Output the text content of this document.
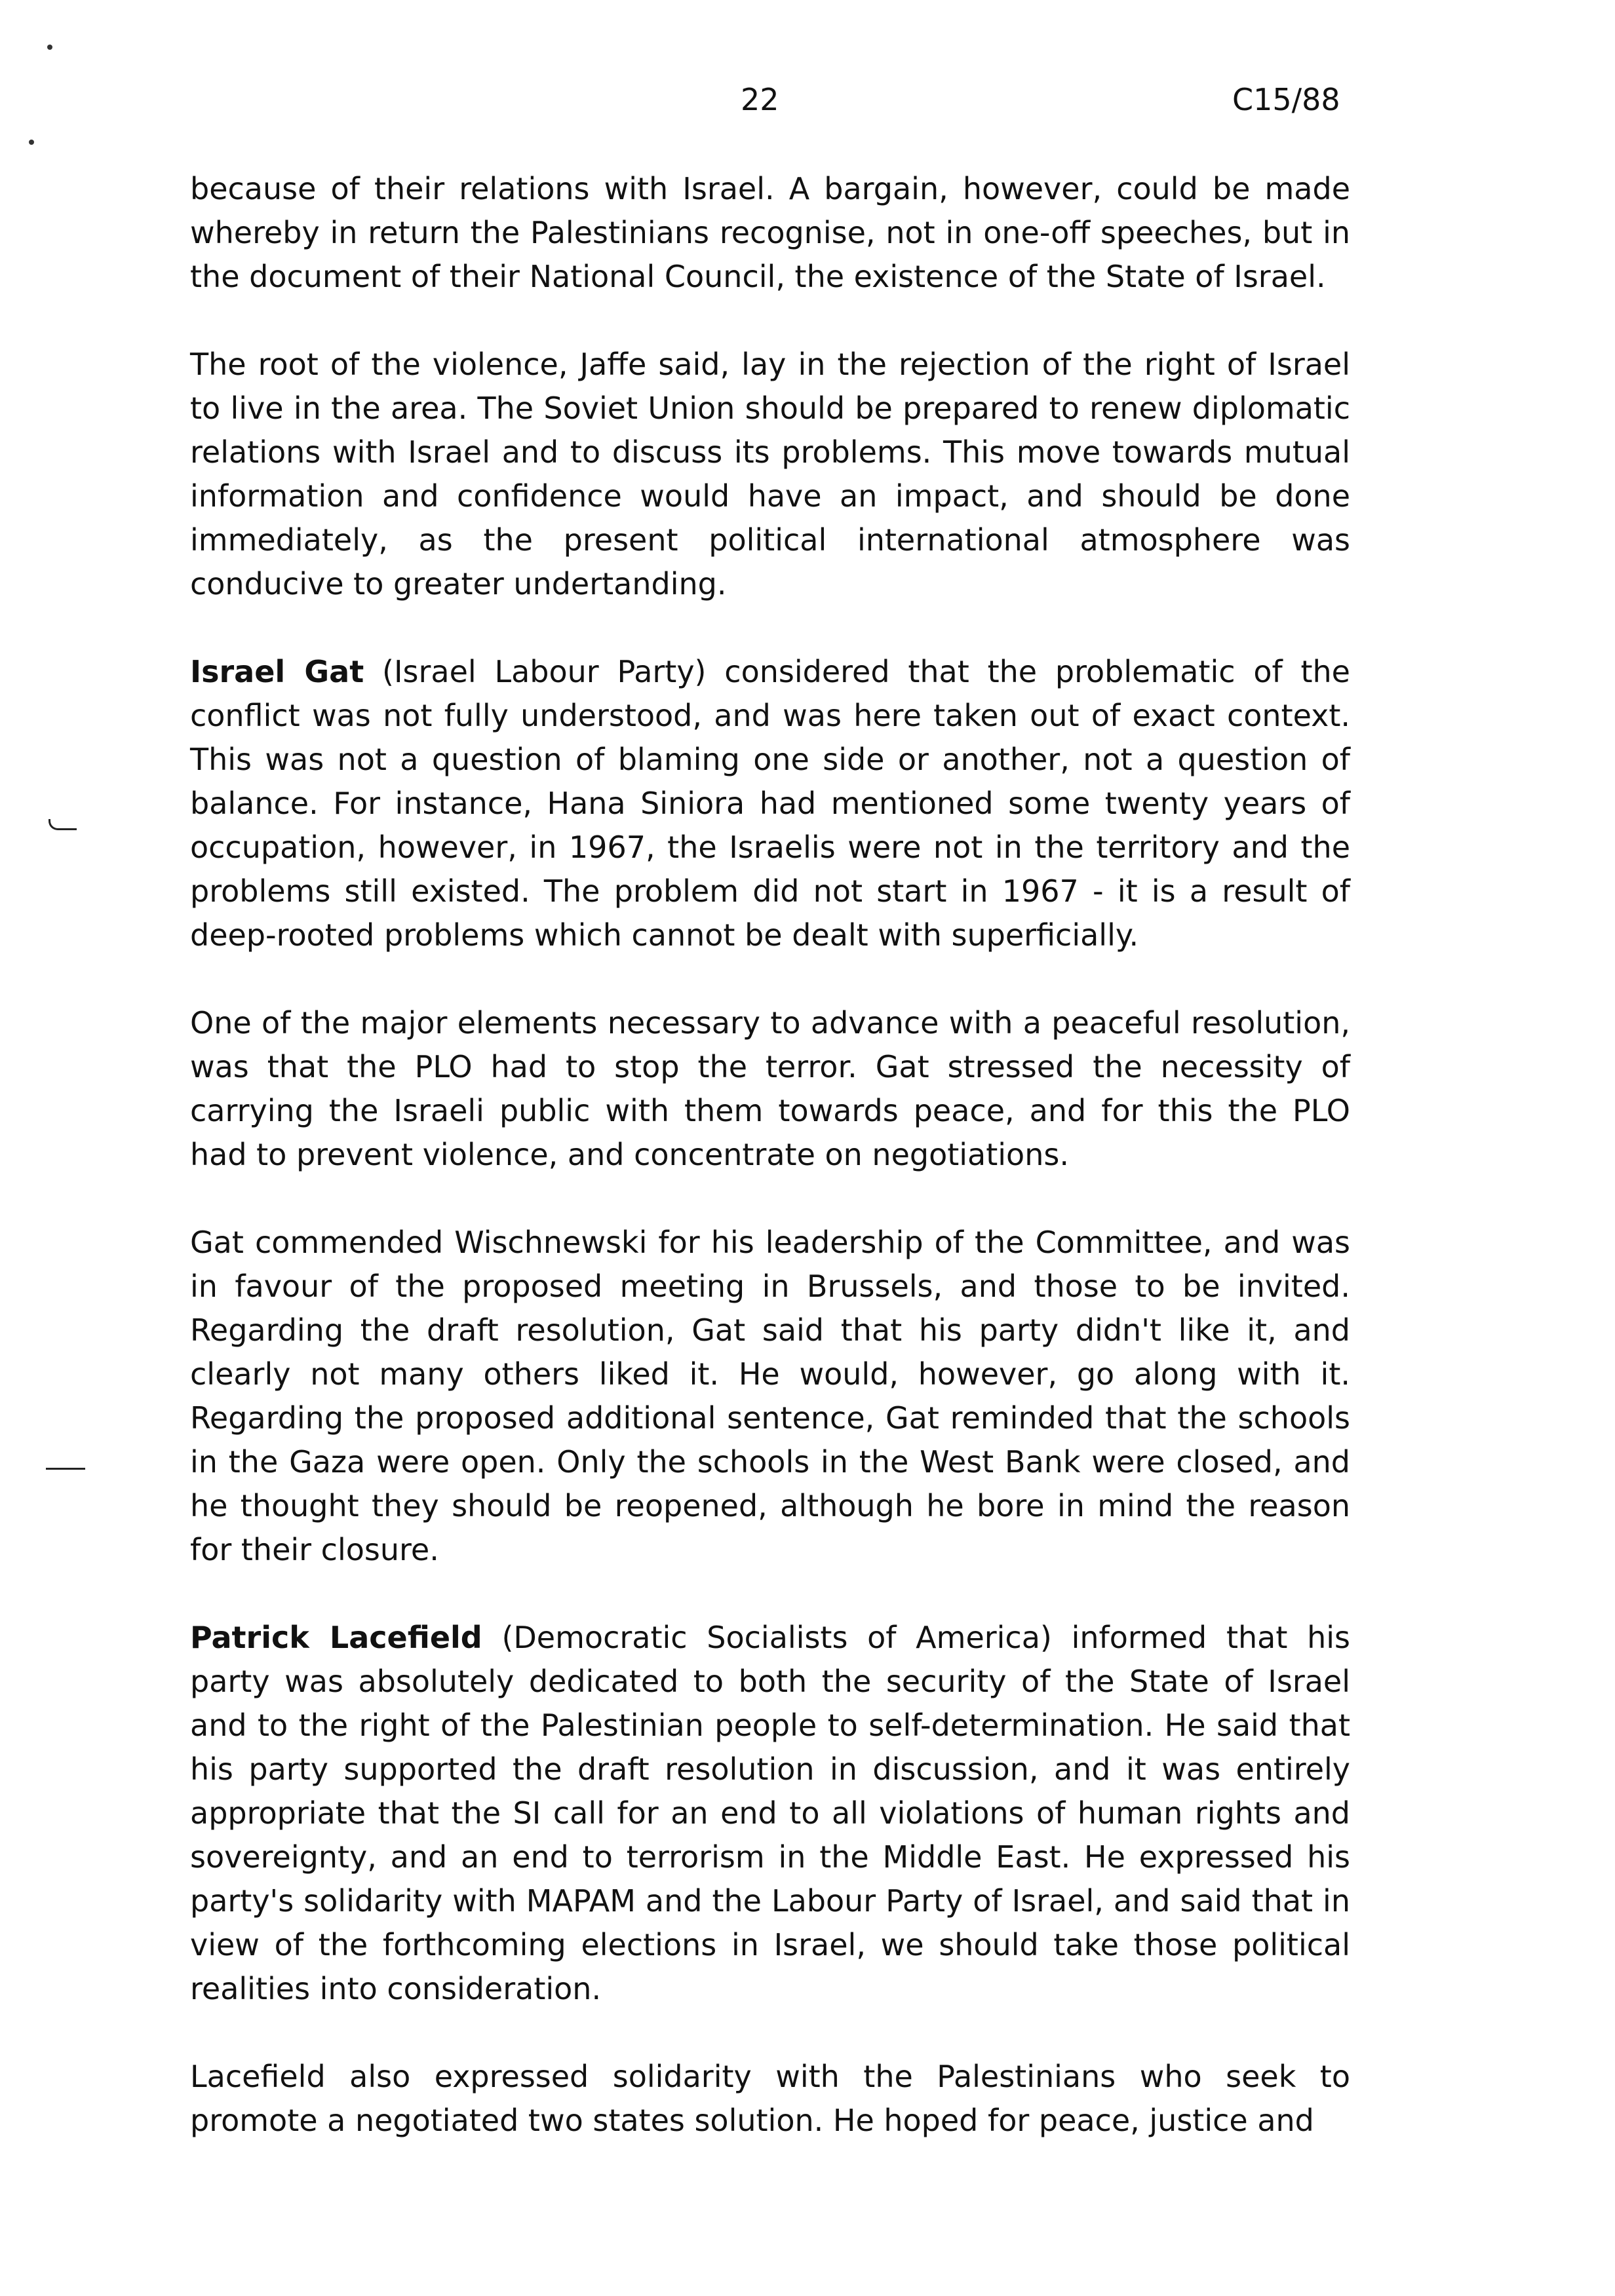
22	C15/88

because of their relations with Israel. A bargain, however, could be made whereby in return the Palestinians recognise, not in one-off speeches, but in the document of their National Council, the existence of the State of Israel.

The root of the violence, Jaffe said, lay in the rejection of the right of Israel to live in the area. The Soviet Union should be prepared to renew diplomatic relations with Israel and to discuss its problems. This move towards mutual information and confidence would have an impact, and should be done immediately, as the present political international atmosphere was conducive to greater undertanding.

Israel Gat (Israel Labour Party) considered that the problematic of the conflict was not fully understood, and was here taken out of exact context. This was not a question of blaming one side or another, not a question of balance. For instance, Hana Siniora had mentioned some twenty years of occupation, however, in 1967, the Israelis were not in the territory and the problems still existed. The problem did not start in 1967 - it is a result of deep-rooted problems which cannot be dealt with superficially.

One of the major elements necessary to advance with a peaceful resolution, was that the PLO had to stop the terror. Gat stressed the necessity of carrying the Israeli public with them towards peace, and for this the PLO had to prevent violence, and concentrate on negotiations.

Gat commended Wischnewski for his leadership of the Committee, and was in favour of the proposed meeting in Brussels, and those to be invited. Regarding the draft resolution, Gat said that his party didn't like it, and clearly not many others liked it. He would, however, go along with it. Regarding the proposed additional sentence, Gat reminded that the schools in the Gaza were open. Only the schools in the West Bank were closed, and he thought they should be reopened, although he bore in mind the reason for their closure.

Patrick Lacefield (Democratic Socialists of America) informed that his party was absolutely dedicated to both the security of the State of Israel and to the right of the Palestinian people to self-determination. He said that his party supported the draft resolution in discussion, and it was entirely appropriate that the SI call for an end to all violations of human rights and sovereignty, and an end to terrorism in the Middle East. He expressed his party's solidarity with MAPAM and the Labour Party of Israel, and said that in view of the forthcoming elections in Israel, we should take those political realities into consideration.

Lacefield also expressed solidarity with the Palestinians who seek to promote a negotiated two states solution. He hoped for peace, justice and
